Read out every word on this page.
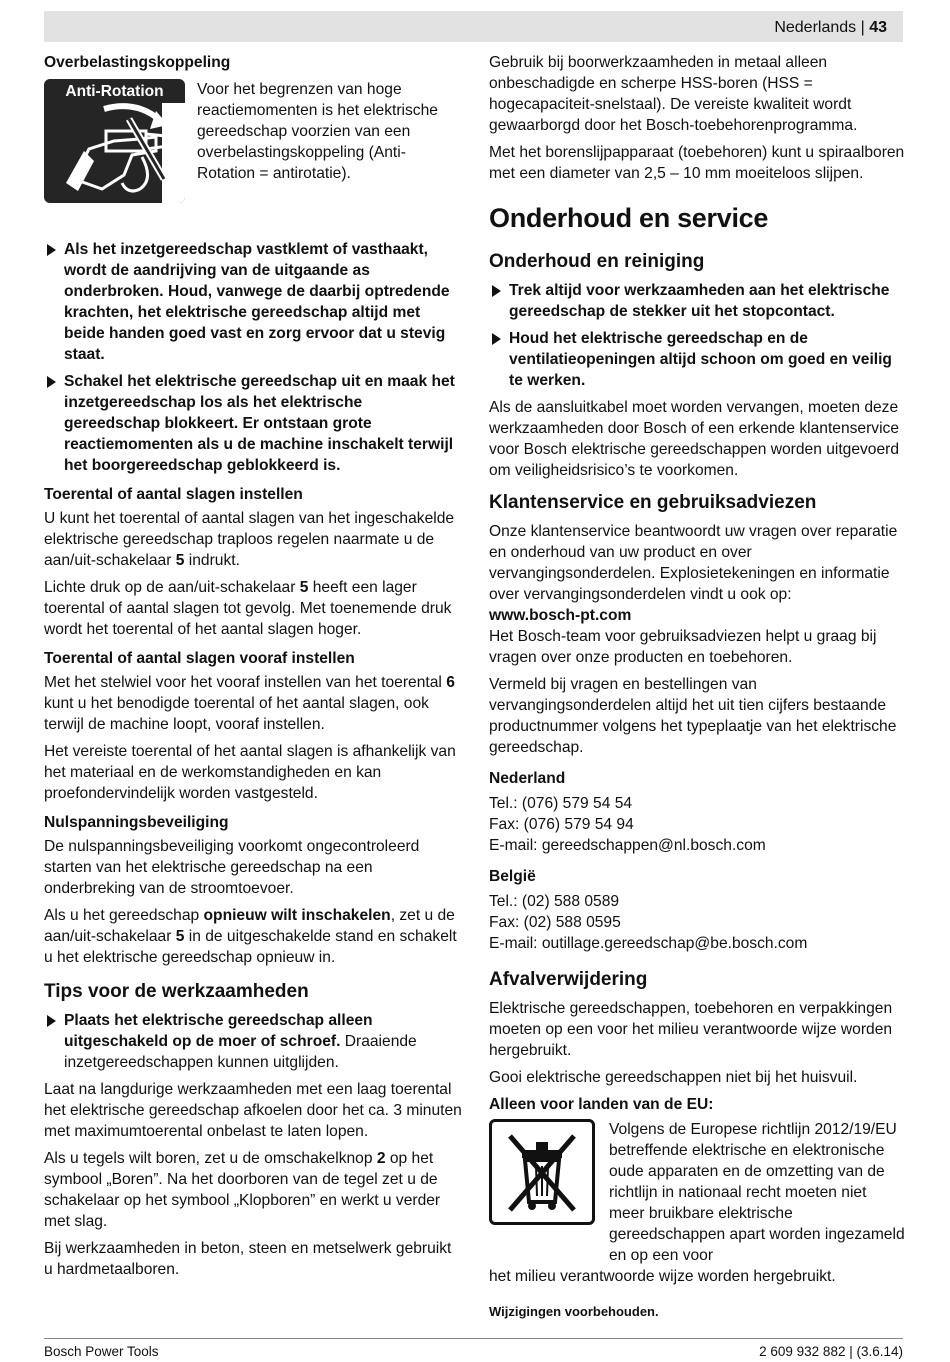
Nederlands | 43
Overbelastingskoppeling
Anti-Rotation	Voor het begrenzen van hoge reactiemomenten is het elektrische gereedschap voorzien van een overbelastingskoppeling (Anti-Rotation = antirotatie).
Als het inzetgereedschap vastklemt of vasthaakt, wordt de aandrijving van de uitgaande as onderbroken. Houd, vanwege de daarbij optredende krachten, het elektrische gereedschap altijd met beide handen goed vast en zorg ervoor dat u stevig staat.
Schakel het elektrische gereedschap uit en maak het inzetgereedschap los als het elektrische gereedschap blokkeert. Er ontstaan grote reactiemomenten als u de machine inschakelt terwijl het boorgereedschap geblokkeerd is.
Toerental of aantal slagen instellen

U kunt het toerental of aantal slagen van het ingeschakelde elektrische gereedschap traploos regelen naarmate u de aan/uit-schakelaar 5 indrukt.

Lichte druk op de aan/uit-schakelaar 5 heeft een lager toerental of aantal slagen tot gevolg. Met toenemende druk wordt het toerental of het aantal slagen hoger.

Toerental of aantal slagen vooraf instellen

Met het stelwiel voor het vooraf instellen van het toerental 6 kunt u het benodigde toerental of het aantal slagen, ook terwijl de machine loopt, vooraf instellen.

Het vereiste toerental of het aantal slagen is afhankelijk van het materiaal en de werkomstandigheden en kan proefondervindelijk worden vastgesteld.

Nulspanningsbeveiliging

De nulspanningsbeveiliging voorkomt ongecontroleerd starten van het elektrische gereedschap na een onderbreking van de stroomtoevoer.

Als u het gereedschap opnieuw wilt inschakelen, zet u de aan/uit-schakelaar 5 in de uitgeschakelde stand en schakelt u het elektrische gereedschap opnieuw in.

Tips voor de werkzaamheden
Plaats het elektrische gereedschap alleen uitgeschakeld op de moer of schroef. Draaiende inzetgereedschappen kunnen uitglijden.

Laat na langdurige werkzaamheden met een laag toerental het elektrische gereedschap afkoelen door het ca. 3 minuten met maximumtoerental onbelast te laten lopen.

Als u tegels wilt boren, zet u de omschakelknop 2 op het symbool „Boren”. Na het doorboren van de tegel zet u de schakelaar op het symbool „Klopboren” en werkt u verder met slag.

Bij werkzaamheden in beton, steen en metselwerk gebruikt u hardmetaalboren.

Gebruik bij boorwerkzaamheden in metaal alleen onbeschadigde en scherpe HSS-boren (HSS = hogecapaciteit-snelstaal). De vereiste kwaliteit wordt gewaarborgd door het Bosch-toebehorenprogramma.

Met het borenslijpapparaat (toebehoren) kunt u spiraalboren met een diameter van 2,5 – 10 mm moeiteloos slijpen.

Onderhoud en service
Onderhoud en reiniging
Trek altijd voor werkzaamheden aan het elektrische gereedschap de stekker uit het stopcontact.
Houd het elektrische gereedschap en de ventilatieopeningen altijd schoon om goed en veilig te werken.

Als de aansluitkabel moet worden vervangen, moeten deze werkzaamheden door Bosch of een erkende klantenservice voor Bosch elektrische gereedschappen worden uitgevoerd om veiligheidsrisico’s te voorkomen.

Klantenservice en gebruiksadviezen

Onze klantenservice beantwoordt uw vragen over reparatie en onderhoud van uw product en over vervangingsonderdelen. Explosietekeningen en informatie over vervangingsonderdelen vindt u ook op:

www.bosch-pt.com

Het Bosch-team voor gebruiksadviezen helpt u graag bij vragen over onze producten en toebehoren.

Vermeld bij vragen en bestellingen van vervangingsonderdelen altijd het uit tien cijfers bestaande productnummer volgens het typeplaatje van het elektrische gereedschap.

Nederland

Tel.: (076) 579 54 54

Fax: (076) 579 54 94

E-mail: gereedschappen@nl.bosch.com

België

Tel.: (02) 588 0589

Fax: (02) 588 0595

E-mail: outillage.gereedschap@be.bosch.com

Afvalverwijdering

Elektrische gereedschappen, toebehoren en verpakkingen moeten op een voor het milieu verantwoorde wijze worden hergebruikt.

Gooi elektrische gereedschappen niet bij het huisvuil.

Alleen voor landen van de EU:
Volgens de Europese richtlijn 2012/19/EU betreffende elektrische en elektronische oude apparaten en de omzetting van de richtlijn in nationaal recht moeten niet meer bruikbare elektrische gereedschappen apart worden ingezameld en op een voor

het milieu verantwoorde wijze worden hergebruikt.

Wijzigingen voorbehouden.
Bosch Power Tools	2 609 932 882 | (3.6.14)
